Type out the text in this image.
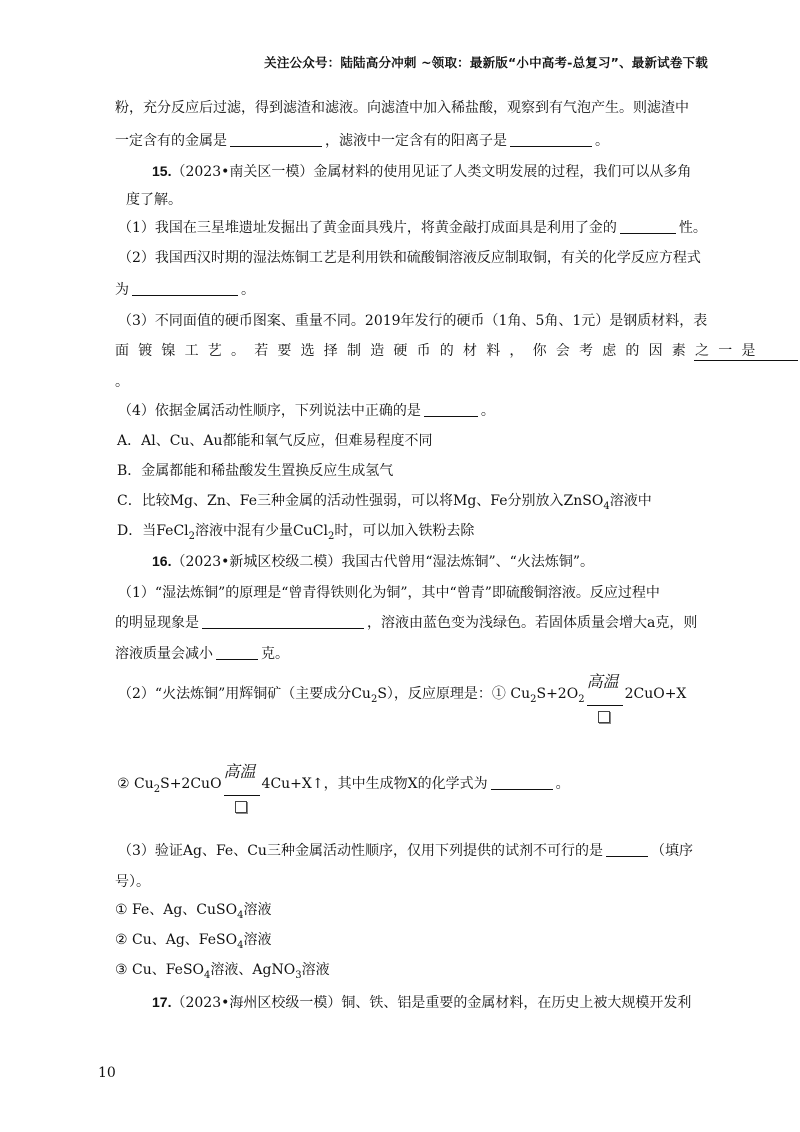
关注公众号：陆陆高分冲刺 ~领取：最新版“小中高考-总复习”、最新试卷下载
粉，充分反应后过滤，得到滤渣和滤液。向滤渣中加入稀盐酸，观察到有气泡产生。则滤渣中
一定含有的金属是	，滤液中一定含有的阳离子是	。
15.（2023•南关区一模）金属材料的使用见证了人类文明发展的过程，我们可以从多角
度了解。
（1）我国在三星堆遗址发掘出了黄金面具残片，将黄金敲打成面具是利用了金的	性。
（2）我国西汉时期的湿法炼铜工艺是利用铁和硫酸铜溶液反应制取铜，有关的化学反应方程式
为	。
（3）不同面值的硬币图案、重量不同。2019年发行的硬币（1角、5角、1元）是钢质材料，表
面镀镍工艺。若要选择制造硬币的材料，你会考虑的因素之一是
。
（4）依据金属活动性顺序，下列说法中正确的是	。
A．Al、Cu、Au都能和氧气反应，但难易程度不同
B．金属都能和稀盐酸发生置换反应生成氢气
C．比较Mg、Zn、Fe三种金属的活动性强弱，可以将Mg、Fe分别放入ZnSO$_4$溶液中
D．当FeCl$_2$溶液中混有少量CuCl$_2$时，可以加入铁粉去除
16.（2023•新城区校级二模）我国古代曾用“湿法炼铜”、“火法炼铜”。
（1）“湿法炼铜”的原理是“曾青得铁则化为铜”，其中“曾青”即硫酸铜溶液。反应过程中
的明显现象是	，溶液由蓝色变为浅绿色。若固体质量会增大a克，则
溶液质量会减小	克。
（2）“火法炼铜”用辉铜矿（主要成分$Cu_2S$），反应原理是：① $Cu_2S+2O_2$
高温
2CuO+X
② $Cu_2S+2CuO$
高温
4Cu+X↑，其中生成物X的化学式为	。
（3）验证Ag、Fe、Cu三种金属活动性顺序，仅用下列提供的试剂不可行的是	（填序
号）。
① Fe、Ag、CuSO$_4$溶液
② Cu、Ag、FeSO$_4$溶液
③ Cu、FeSO$_4$溶液、AgNO$_3$溶液
17.（2023•海州区校级一模）铜、铁、铝是重要的金属材料，在历史上被大规模开发利
10
